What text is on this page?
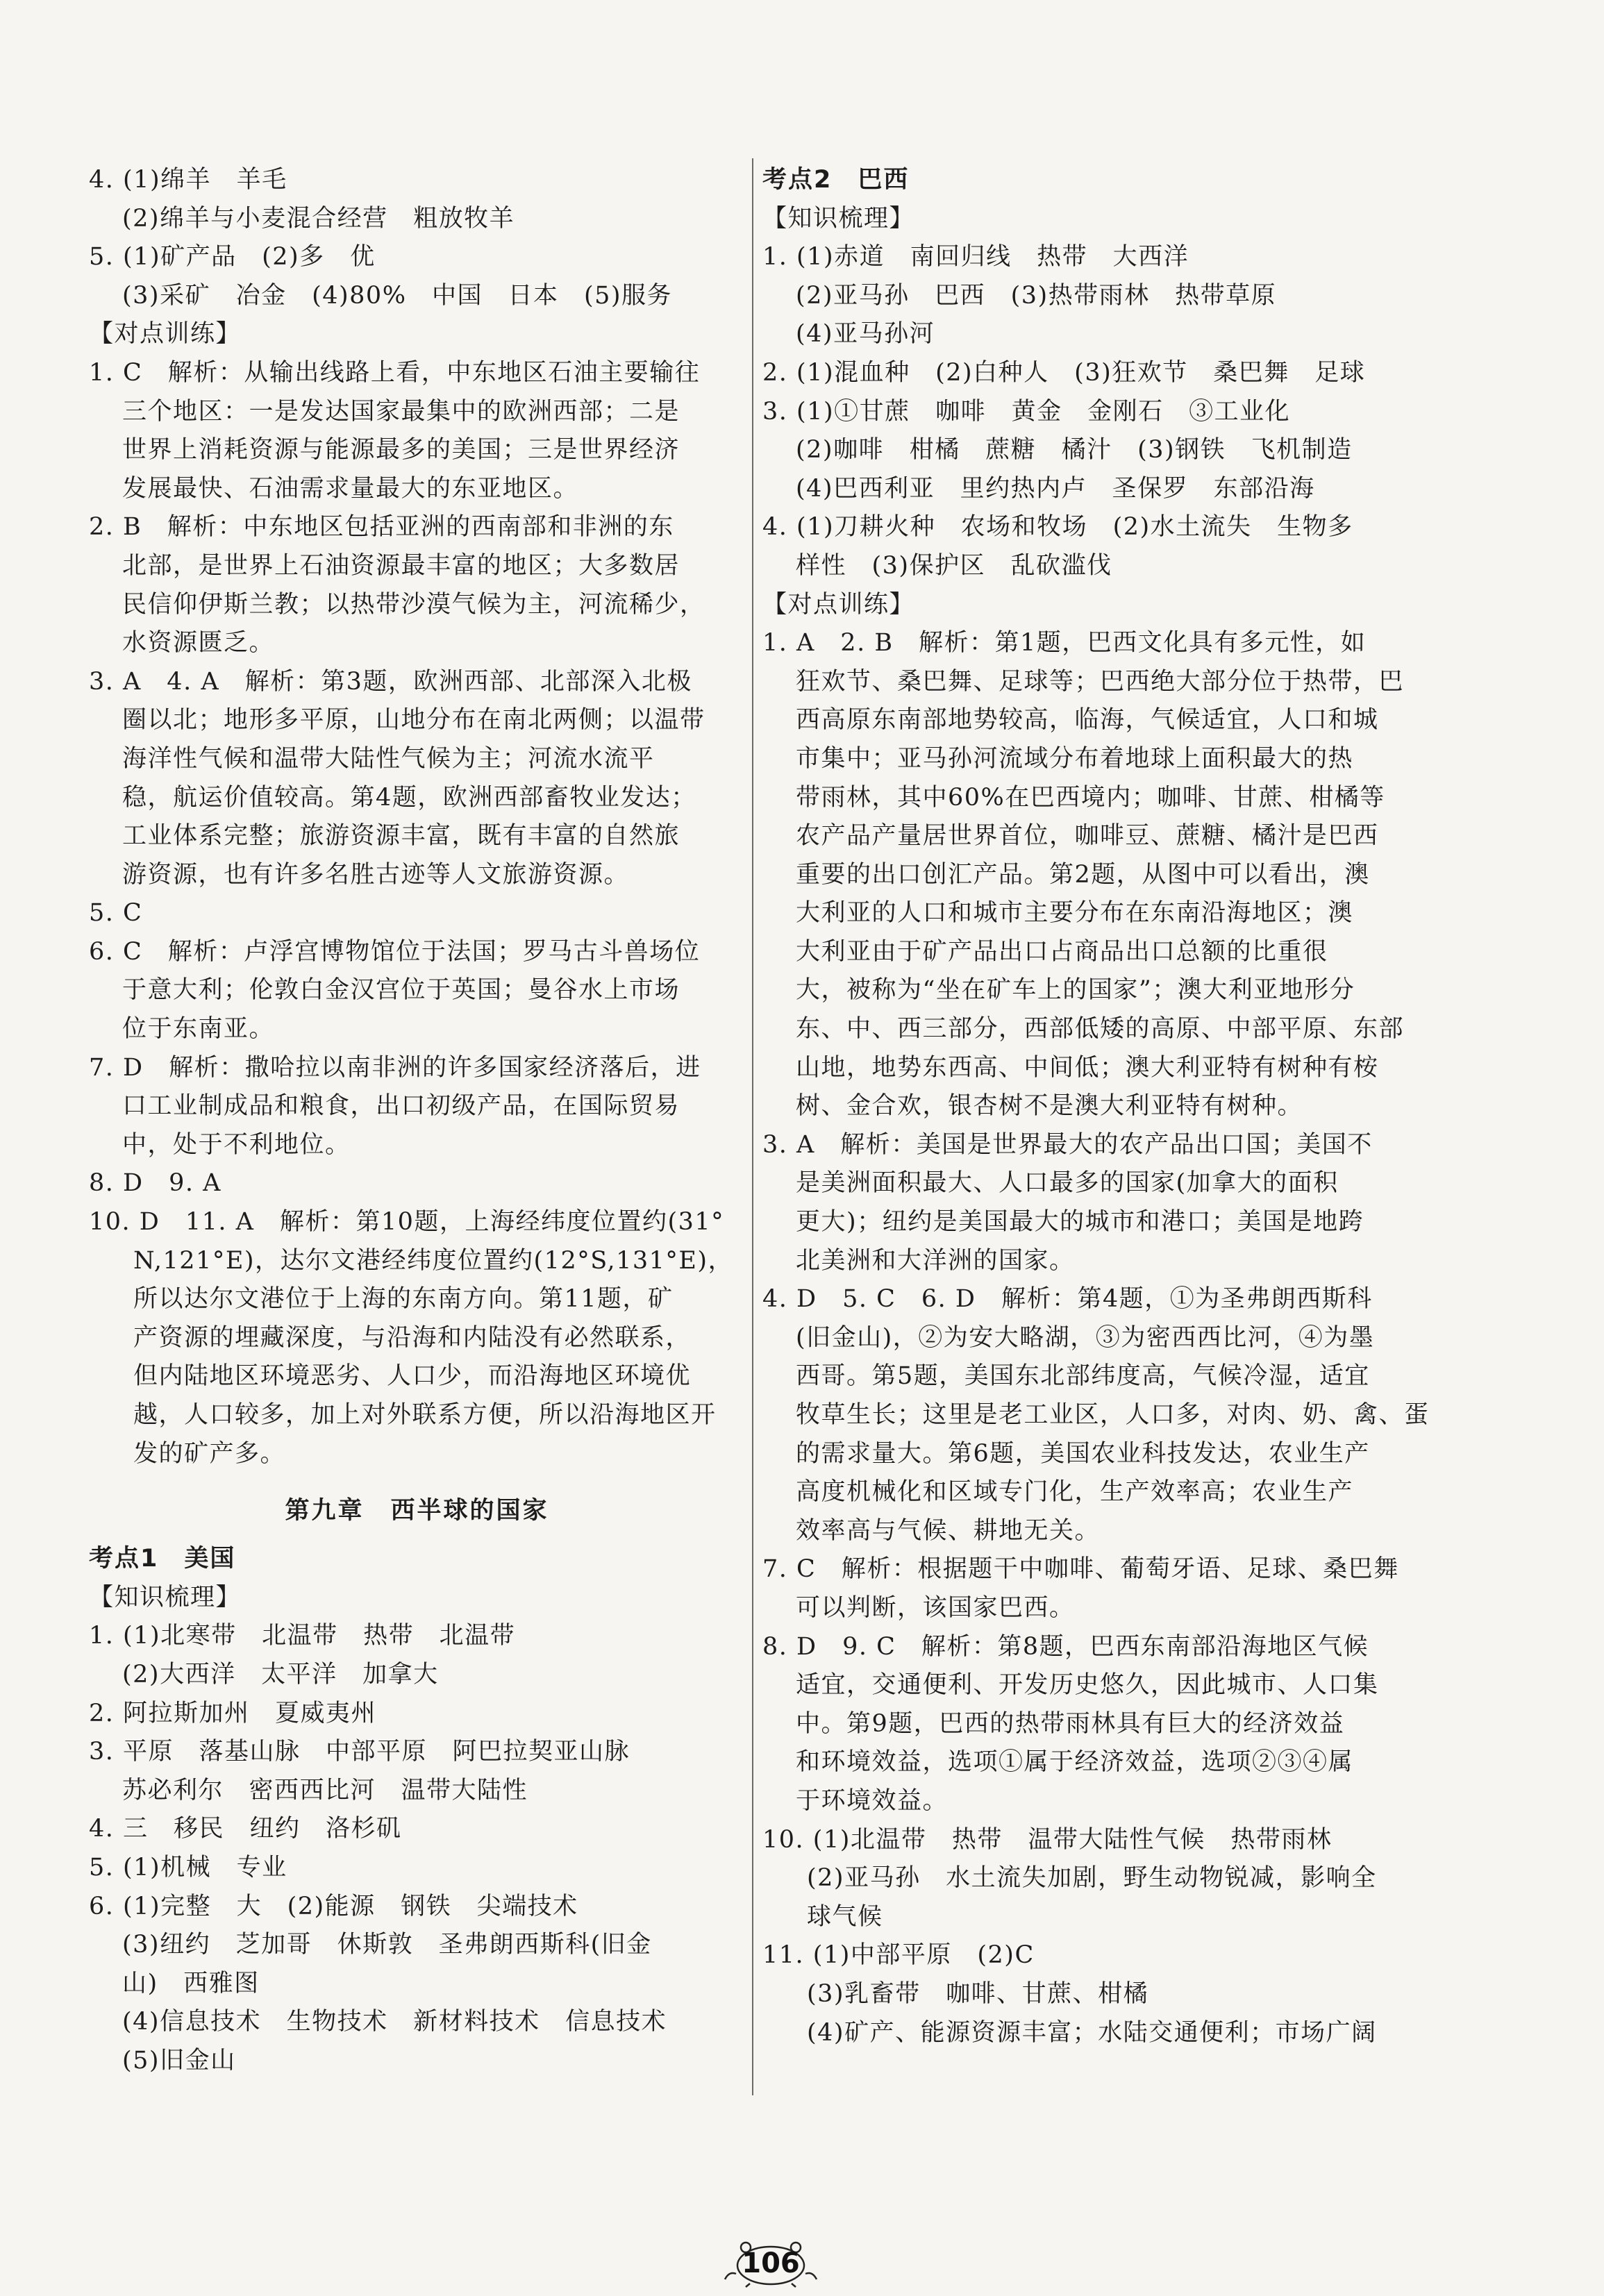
4. (1)绵羊　羊毛
(2)绵羊与小麦混合经营　粗放牧羊
5. (1)矿产品　(2)多　优
(3)采矿　冶金　(4)80%　中国　日本　(5)服务
【对点训练】
1. C　解析：从输出线路上看，中东地区石油主要输往
三个地区：一是发达国家最集中的欧洲西部；二是
世界上消耗资源与能源最多的美国；三是世界经济
发展最快、石油需求量最大的东亚地区。
2. B　解析：中东地区包括亚洲的西南部和非洲的东
北部，是世界上石油资源最丰富的地区；大多数居
民信仰伊斯兰教；以热带沙漠气候为主，河流稀少，
水资源匮乏。
3. A　4. A　解析：第3题，欧洲西部、北部深入北极
圈以北；地形多平原，山地分布在南北两侧；以温带
海洋性气候和温带大陆性气候为主；河流水流平
稳，航运价值较高。第4题，欧洲西部畜牧业发达；
工业体系完整；旅游资源丰富，既有丰富的自然旅
游资源，也有许多名胜古迹等人文旅游资源。
5. C
6. C　解析：卢浮宫博物馆位于法国；罗马古斗兽场位
于意大利；伦敦白金汉宫位于英国；曼谷水上市场
位于东南亚。
7. D　解析：撒哈拉以南非洲的许多国家经济落后，进
口工业制成品和粮食，出口初级产品，在国际贸易
中，处于不利地位。
8. D　9. A
10. D　11. A　解析：第10题，上海经纬度位置约(31°
N,121°E)，达尔文港经纬度位置约(12°S,131°E)，
所以达尔文港位于上海的东南方向。第11题，矿
产资源的埋藏深度，与沿海和内陆没有必然联系，
但内陆地区环境恶劣、人口少，而沿海地区环境优
越，人口较多，加上对外联系方便，所以沿海地区开
发的矿产多。
第九章　西半球的国家
考点1　美国
【知识梳理】
1. (1)北寒带　北温带　热带　北温带
(2)大西洋　太平洋　加拿大
2. 阿拉斯加州　夏威夷州
3. 平原　落基山脉　中部平原　阿巴拉契亚山脉
苏必利尔　密西西比河　温带大陆性
4. 三　移民　纽约　洛杉矶
5. (1)机械　专业
6. (1)完整　大　(2)能源　钢铁　尖端技术
(3)纽约　芝加哥　休斯敦　圣弗朗西斯科(旧金
山)　西雅图
(4)信息技术　生物技术　新材料技术　信息技术
(5)旧金山
考点2　巴西
【知识梳理】
1. (1)赤道　南回归线　热带　大西洋
(2)亚马孙　巴西　(3)热带雨林　热带草原
(4)亚马孙河
2. (1)混血种　(2)白种人　(3)狂欢节　桑巴舞　足球
3. (1)①甘蔗　咖啡　黄金　金刚石　③工业化
(2)咖啡　柑橘　蔗糖　橘汁　(3)钢铁　飞机制造
(4)巴西利亚　里约热内卢　圣保罗　东部沿海
4. (1)刀耕火种　农场和牧场　(2)水土流失　生物多
样性　(3)保护区　乱砍滥伐
【对点训练】
1. A　2. B　解析：第1题，巴西文化具有多元性，如
狂欢节、桑巴舞、足球等；巴西绝大部分位于热带，巴
西高原东南部地势较高，临海，气候适宜，人口和城
市集中；亚马孙河流域分布着地球上面积最大的热
带雨林，其中60%在巴西境内；咖啡、甘蔗、柑橘等
农产品产量居世界首位，咖啡豆、蔗糖、橘汁是巴西
重要的出口创汇产品。第2题，从图中可以看出，澳
大利亚的人口和城市主要分布在东南沿海地区；澳
大利亚由于矿产品出口占商品出口总额的比重很
大，被称为“坐在矿车上的国家”；澳大利亚地形分
东、中、西三部分，西部低矮的高原、中部平原、东部
山地，地势东西高、中间低；澳大利亚特有树种有桉
树、金合欢，银杏树不是澳大利亚特有树种。
3. A　解析：美国是世界最大的农产品出口国；美国不
是美洲面积最大、人口最多的国家(加拿大的面积
更大)；纽约是美国最大的城市和港口；美国是地跨
北美洲和大洋洲的国家。
4. D　5. C　6. D　解析：第4题，①为圣弗朗西斯科
(旧金山)，②为安大略湖，③为密西西比河，④为墨
西哥。第5题，美国东北部纬度高，气候冷湿，适宜
牧草生长；这里是老工业区，人口多，对肉、奶、禽、蛋
的需求量大。第6题，美国农业科技发达，农业生产
高度机械化和区域专门化，生产效率高；农业生产
效率高与气候、耕地无关。
7. C　解析：根据题干中咖啡、葡萄牙语、足球、桑巴舞
可以判断，该国家巴西。
8. D　9. C　解析：第8题，巴西东南部沿海地区气候
适宜，交通便利、开发历史悠久，因此城市、人口集
中。第9题，巴西的热带雨林具有巨大的经济效益
和环境效益，选项①属于经济效益，选项②③④属
于环境效益。
10. (1)北温带　热带　温带大陆性气候　热带雨林
(2)亚马孙　水土流失加剧，野生动物锐减，影响全
球气候
11. (1)中部平原　(2)C
(3)乳畜带　咖啡、甘蔗、柑橘
(4)矿产、能源资源丰富；水陆交通便利；市场广阔
106
